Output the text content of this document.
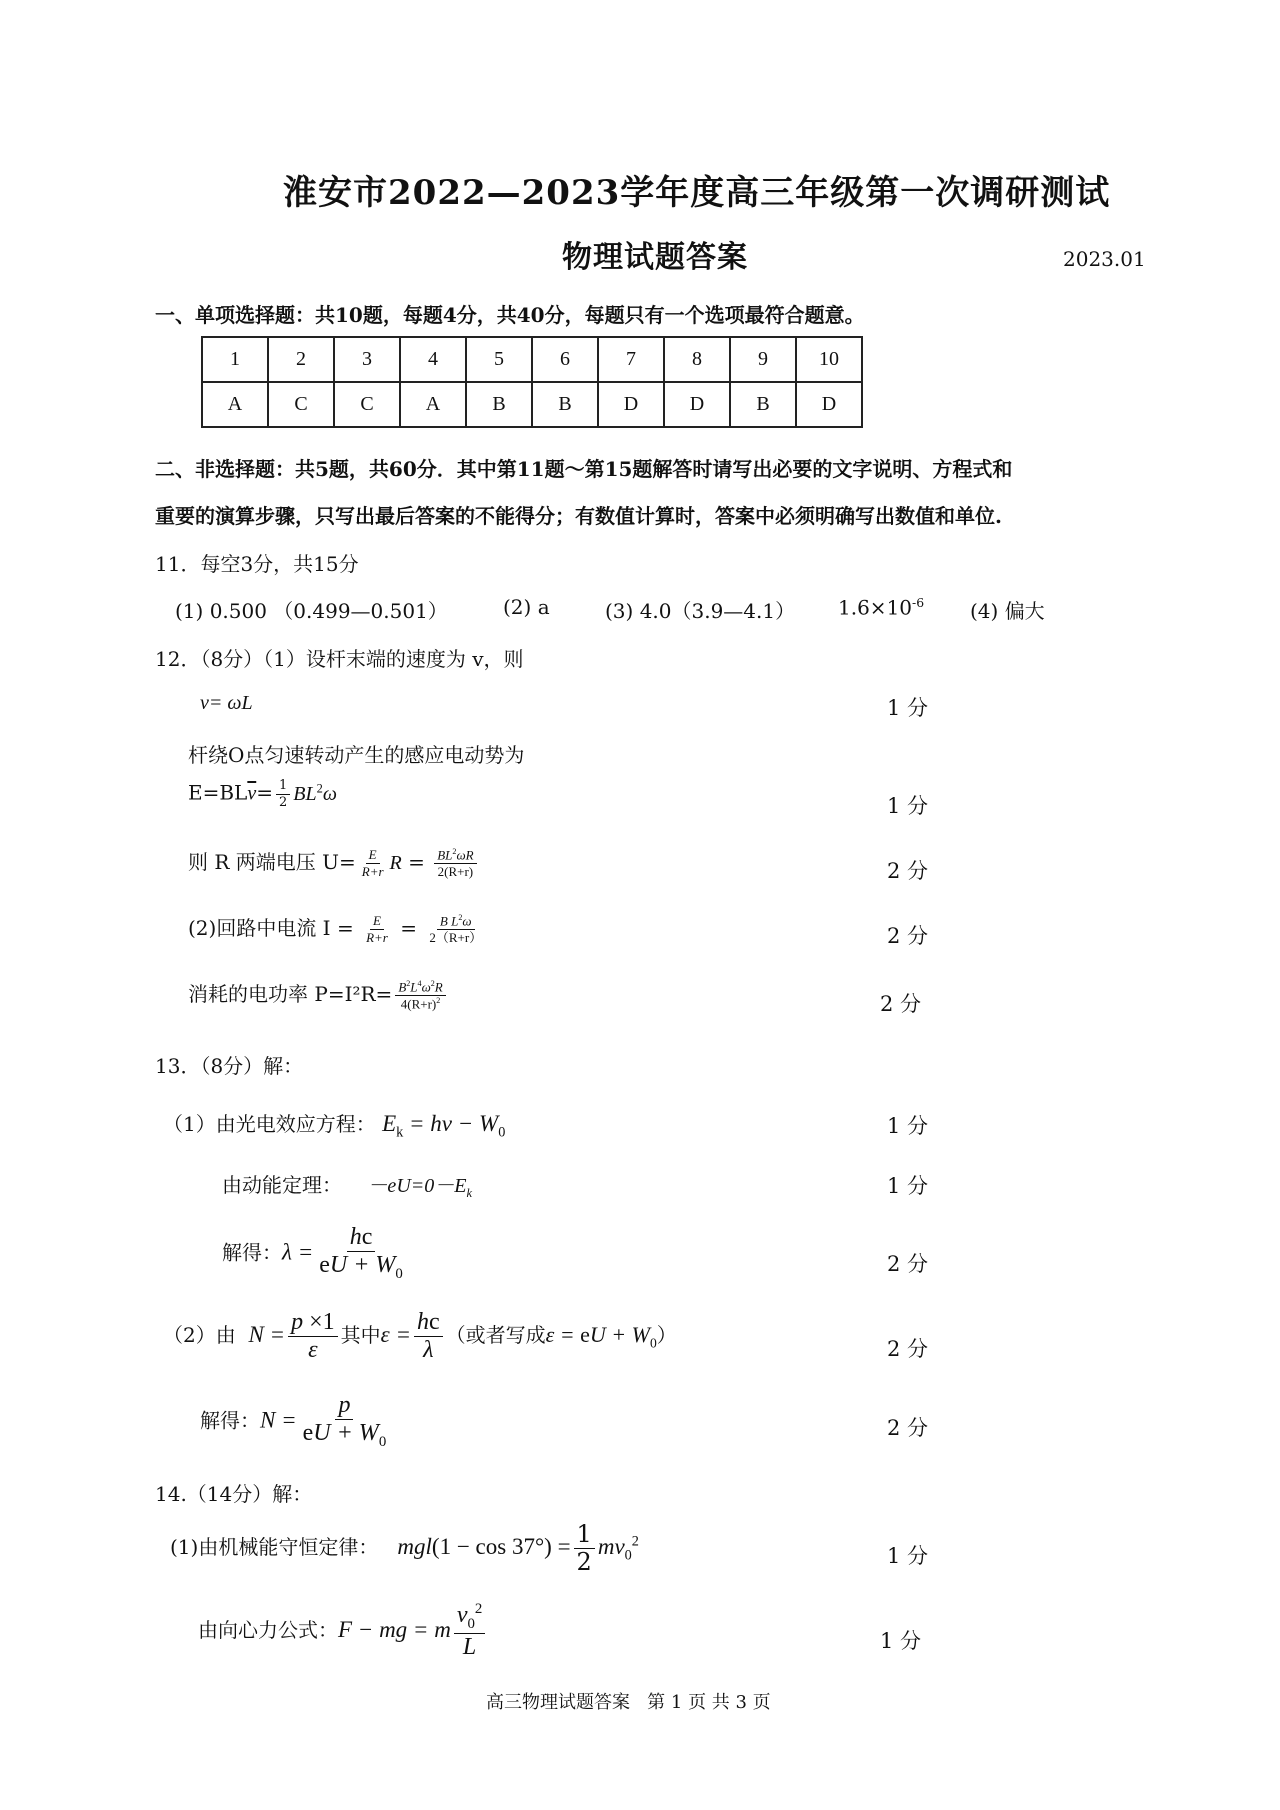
淮安市2022—2023学年度高三年级第一次调研测试
物理试题答案	2023.01
一、单项选择题：共10题，每题4分，共40分，每题只有一个选项最符合题意。
1	2	3	4	5	6	7	8	9	10
A	C	C	A	B	B	D	D	B	D
二、非选择题：共5题，共60分．其中第11题～第15题解答时请写出必要的文字说明、方程式和
重要的演算步骤，只写出最后答案的不能得分；有数值计算时，答案中必须明确写出数值和单位.
11．每空3分，共15分
(1) 0.500 （0.499—0.501）	(2) a	(3) 4.0（3.9—4.1） $1.6\times 10^{-6}$ (4) 偏大
12．（8分）（1）设杆末端的速度为 v，则
v= ωL	1 分
杆绕O点匀速转动产生的感应电动势为
$E=BL\overline{v}= \frac{1}{2} BL^2\omega$
1 分
则 R 两端电压 $U= \frac{E}{R+r}$ $R = \frac{BL^2\omega R}{2(R+r)}$	2 分
(2)回路中电流 $I = \frac{E}{R+r} = \frac{B L^2\omega}{2(R+r)}$	2 分
消耗的电功率 $P=I^2R= \frac{B^2L^4\omega^2R}{4(R+r)^2}$	2 分
13．（8分）解：
（1）由光电效应方程： $E_k = h\nu - W_0$	1 分
由动能定理： $-eU=0-E_k$	1 分
解得：$\lambda = \frac{hc}{eU + W_0}$	2 分
（2）由 $N = \frac{p \times 1}{\varepsilon}$ 其中$\varepsilon = \frac{hc}{\lambda}$ （或者写成ε = eU + $W_0$）
2 分
解得：$N = \frac{p}{eU + W_0}$	2 分
14.（14分）解：
(1)由机械能守恒定律： $mgl(1 - \cos 37^\circ) = \frac{1}{2} mv_0^2$
1 分
由向心力公式：F − mg = m $\frac{v_0^2}{L}$	1 分
高三物理试题答案 第 1 页 共 3 页
